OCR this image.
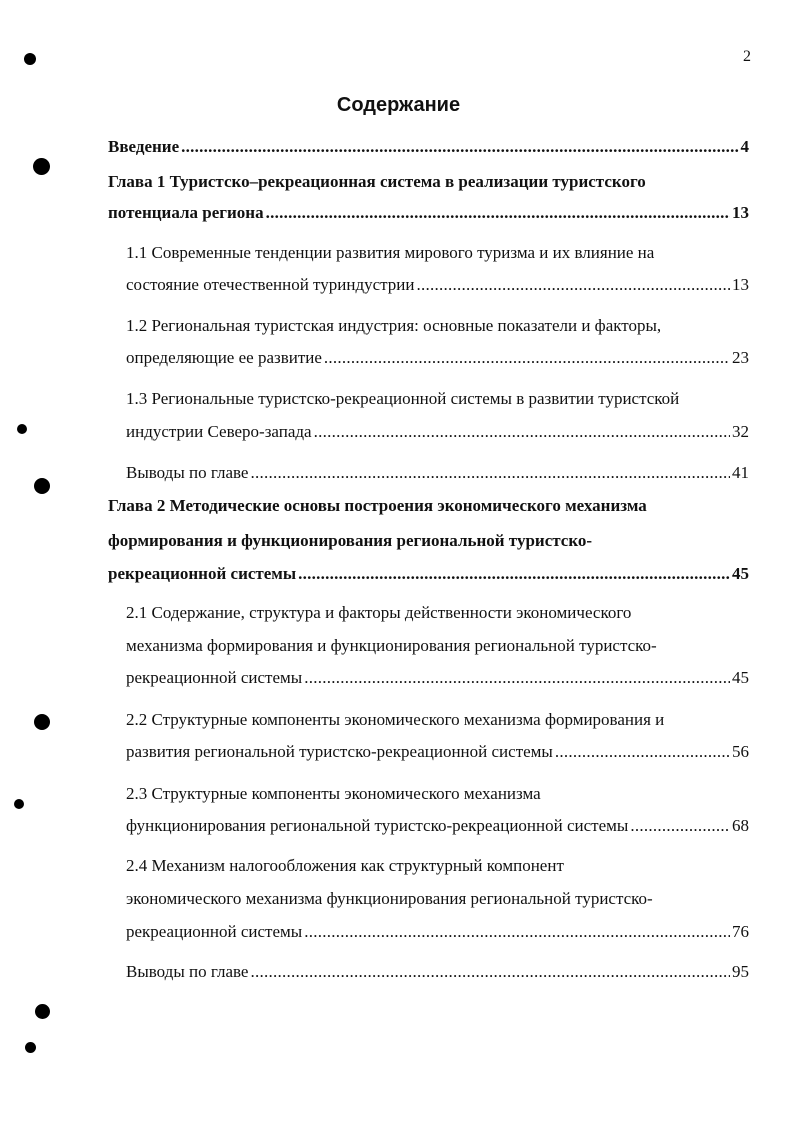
2
Содержание
Введение . . .	4
Глава 1 Туристско–рекреационная система в реализации туристского
потенциала региона . . .	13
1.1 Современные тенденции развития мирового туризма и их влияние на
состояние отечественной туриндустрии . . .	13
1.2 Региональная туристская индустрия: основные показатели и факторы,
определяющие ее развитие . . .	23
1.3 Региональные туристско-рекреационной системы в развитии туристской
индустрии Северо-запада . . .	32
Выводы по главе . . .	41
Глава 2 Методические основы построения экономического механизма
формирования и функционирования региональной туристско-
рекреационной системы . . .	45
2.1 Содержание, структура и факторы действенности экономического
механизма формирования и функционирования региональной туристско-
рекреационной системы . . .	45
2.2 Структурные компоненты экономического механизма формирования и
развития региональной туристско-рекреационной системы . . .	56
2.3 Структурные компоненты экономического механизма
функционирования региональной туристско-рекреационной системы . . .	68
2.4 Механизм налогообложения как структурный компонент
экономического механизма функционирования региональной туристско-
рекреационной системы . . .	76
Выводы по главе . . .	95
